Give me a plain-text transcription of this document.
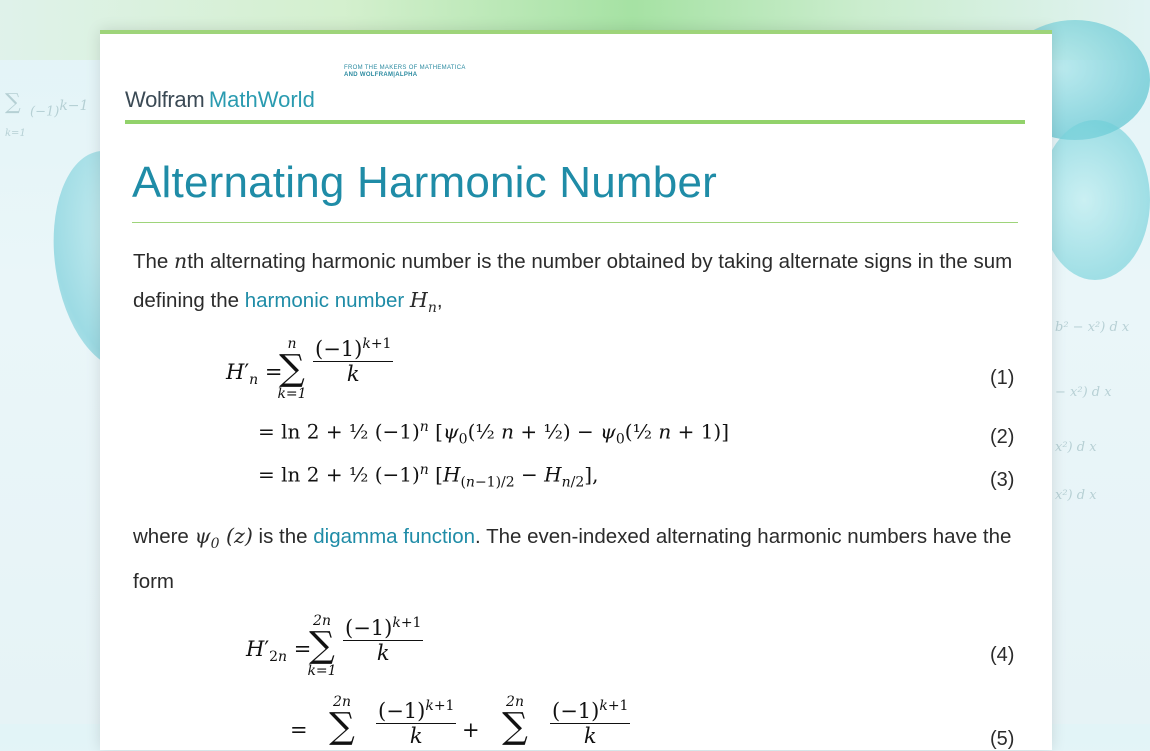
∑ $(-1)^{k-1}$
k=1
b² − x²) d x
− x²) d x
x²) d x
x²) d x
Wolfram MathWorld
FROM THE MAKERS OF MATHEMATICA
AND WOLFRAM|ALPHA
Alternating Harmonic Number
The nth alternating harmonic number is the number obtained by taking alternate signs in the sum defining the harmonic number $H_n$,
$H'_n$ =
n
∑
k=1
$\frac{(-1)^{k+1}}{k}$	(1)
= ln 2 + ½ $(-1)^n$ [$\psi_0(\frac{1}{2}$ n + ½) − $\psi_0(\frac{1}{2}$ n + 1)]	(2)
= ln 2 + ½ $(-1)^n$ $[H_{(n-1)/2} - H_{n/2}]$,	(3)
where $\psi_0$ (z) is the digamma function. The even-indexed alternating harmonic numbers have the form
$H'_{2n}$ =
2n
∑
k=1
$\frac{(-1)^{k+1}}{k}$	(4)
=
2n
∑	$\frac{(-1)^{k+1}}{k}$ +
2n
∑	$\frac{(-1)^{k+1}}{k}$	(5)
